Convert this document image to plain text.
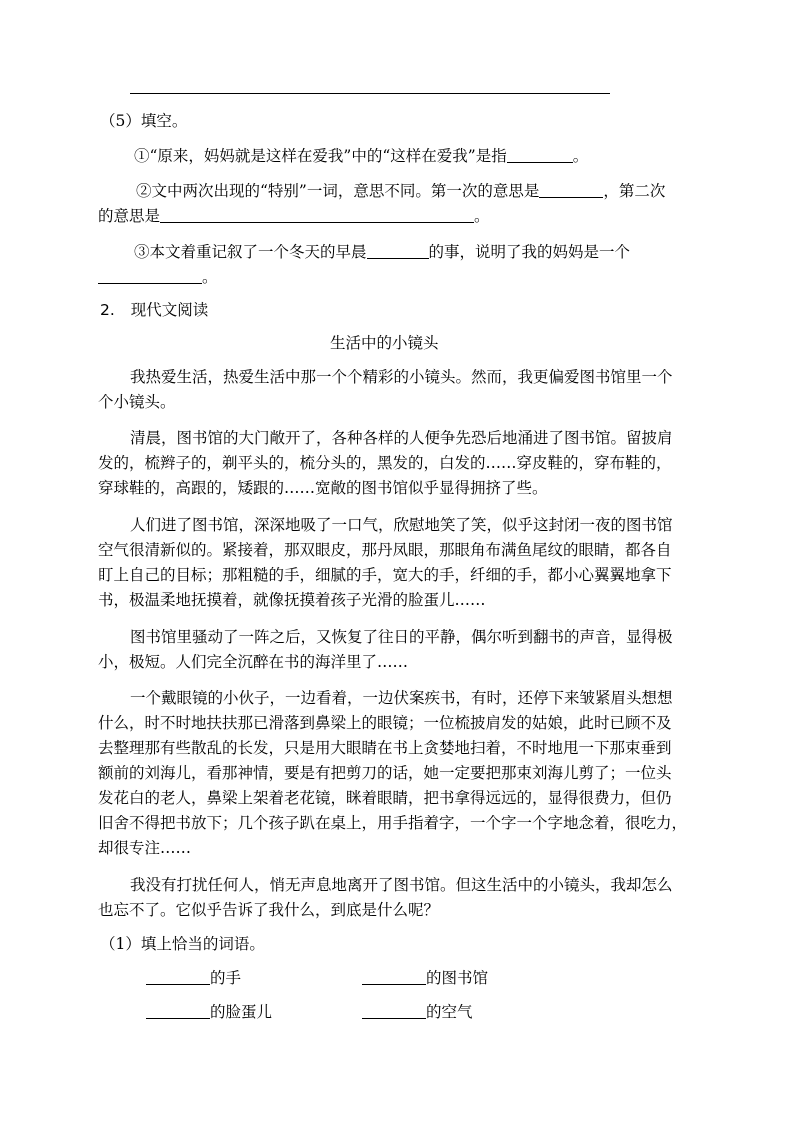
（5）填空。
①“原来，妈妈就是这样在爱我”中的“这样在爱我”是指	。
②文中两次出现的“特别”一词，意思不同。第一次的意思是	，第二次
的意思是	。
③本文着重记叙了一个冬天的早晨	的事，说明了我的妈妈是一个
。
2. 现代文阅读
生活中的小镜头
我热爱生活，热爱生活中那一个个精彩的小镜头。然而，我更偏爱图书馆里一个
个小镜头。
清晨，图书馆的大门敞开了，各种各样的人便争先恐后地涌进了图书馆。留披肩
发的，梳辫子的，剃平头的，梳分头的，黑发的，白发的……穿皮鞋的，穿布鞋的，
穿球鞋的，高跟的，矮跟的……宽敞的图书馆似乎显得拥挤了些。
人们进了图书馆，深深地吸了一口气，欣慰地笑了笑，似乎这封闭一夜的图书馆
空气很清新似的。紧接着，那双眼皮，那丹凤眼，那眼角布满鱼尾纹的眼睛，都各自
盯上自己的目标；那粗糙的手，细腻的手，宽大的手，纤细的手，都小心翼翼地拿下
书，极温柔地抚摸着，就像抚摸着孩子光滑的脸蛋儿……
图书馆里骚动了一阵之后，又恢复了往日的平静，偶尔听到翻书的声音，显得极
小，极短。人们完全沉醉在书的海洋里了……
一个戴眼镜的小伙子，一边看着，一边伏案疾书，有时，还停下来皱紧眉头想想
什么，时不时地扶扶那已滑落到鼻梁上的眼镜；一位梳披肩发的姑娘，此时已顾不及
去整理那有些散乱的长发，只是用大眼睛在书上贪婪地扫着，不时地甩一下那束垂到
额前的刘海儿，看那神情，要是有把剪刀的话，她一定要把那束刘海儿剪了；一位头
发花白的老人，鼻梁上架着老花镜，眯着眼睛，把书拿得远远的，显得很费力，但仍
旧舍不得把书放下；几个孩子趴在桌上，用手指着字，一个字一个字地念着，很吃力，
却很专注……
我没有打扰任何人，悄无声息地离开了图书馆。但这生活中的小镜头，我却怎么
也忘不了。它似乎告诉了我什么，到底是什么呢？
（1）填上恰当的词语。
的手	的图书馆
的脸蛋儿	的空气
